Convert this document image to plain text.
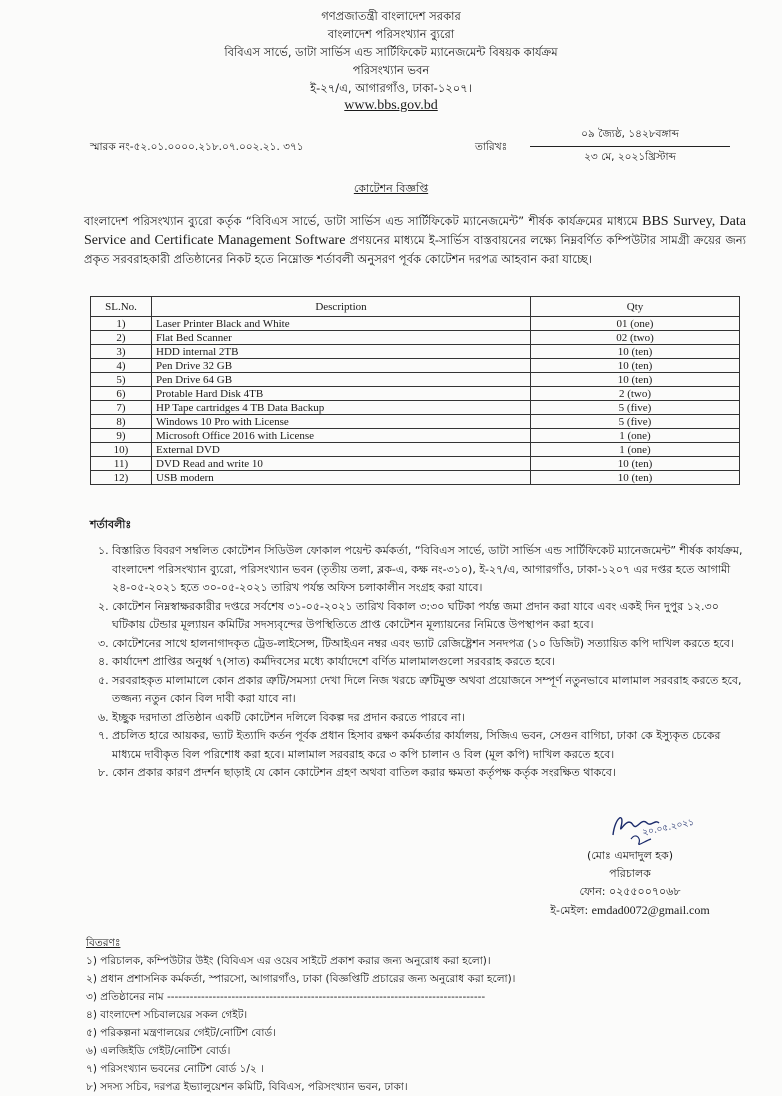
গণপ্রজাতন্ত্রী বাংলাদেশ সরকার
বাংলাদেশ পরিসংখ্যান ব্যুরো
বিবিএস সার্ভে, ডাটা সার্ভিস এন্ড সার্টিফিকেট ম্যানেজমেন্ট বিষয়ক কার্যক্রম
পরিসংখ্যান ভবন
ই-২৭/এ, আগারগাঁও, ঢাকা-১২০৭।
www.bbs.gov.bd
স্মারক নং-৫২.০১.০০০০.২১৮.০৭.০০২.২১. ৩৭১	তারিখঃ
০৯ জ্যৈষ্ঠ, ১৪২৮বঙ্গাব্দ
২৩ মে, ২০২১খ্রিস্টাব্দ
কোটেশন বিজ্ঞপ্তি
বাংলাদেশ পরিসংখ্যান ব্যুরো কর্তৃক “বিবিএস সার্ভে, ডাটা সার্ভিস এন্ড সার্টিফিকেট ম্যানেজমেন্ট” শীর্ষক কার্যক্রমের মাধ্যমে BBS Survey, Data Service and Certificate Management Software প্রণয়নের মাধ্যমে ই-সার্ভিস বাস্তবায়নের লক্ষ্যে নিম্নবর্ণিত কম্পিউটার সামগ্রী ক্রয়ের জন্য প্রকৃত সরবরাহকারী প্রতিষ্ঠানের নিকট হতে নিম্নোক্ত শর্তাবলী অনুসরণ পূর্বক কোটেশন দরপত্র আহবান করা যাচ্ছে।
SL.No.	Description	Qty
1)	Laser Printer Black and White	01 (one)
2)	Flat Bed Scanner	02 (two)
3)	HDD internal 2TB	10 (ten)
4)	Pen Drive 32 GB	10 (ten)
5)	Pen Drive 64 GB	10 (ten)
6)	Protable Hard Disk 4TB	2 (two)
7)	HP Tape cartridges 4 TB Data Backup	5 (five)
8)	Windows 10 Pro with License	5 (five)
9)	Microsoft Office 2016 with License	1 (one)
10)	External DVD	1 (one)
11)	DVD Read and write 10	10 (ten)
12)	USB modern	10 (ten)
শর্তাবলীঃ
১. বিস্তারিত বিবরণ সম্বলিত কোটেশন সিডিউল ফোকাল পয়েন্ট কর্মকর্তা, “বিবিএস সার্ভে, ডাটা সার্ভিস এন্ড সার্টিফিকেট ম্যানেজমেন্ট” শীর্ষক কার্যক্রম, বাংলাদেশ পরিসংখ্যান ব্যুরো, পরিসংখ্যান ভবন (তৃতীয় তলা, ব্লক-এ, কক্ষ নং-৩১০), ই-২৭/এ, আগারগাঁও, ঢাকা-১২০৭ এর দপ্তর হতে আগামী ২৪-০৫-২০২১ হতে ৩০-০৫-২০২১ তারিখ পর্যন্ত অফিস চলাকালীন সংগ্রহ করা যাবে।
২. কোটেশন নিম্নস্বাক্ষরকারীর দপ্তরে সর্বশেষ ৩১-০৫-২০২১ তারিখ বিকাল ৩:৩০ ঘটিকা পর্যন্ত জমা প্রদান করা যাবে এবং একই দিন দুপুর ১২.৩০ ঘটিকায় টেন্ডার মূল্যায়ন কমিটির সদস্যবৃন্দের উপস্থিতিতে প্রাপ্ত কোটেশন মূল্যায়নের নিমিত্তে উপস্থাপন করা হবে।
৩. কোটেশনের সাথে হালনাগাদকৃত ট্রেড-লাইসেন্স, টিআইএন নম্বর এবং ভ্যাট রেজিষ্ট্রেশন সনদপত্র (১০ ডিজিট) সত্যায়িত কপি দাখিল করতে হবে।
৪. কার্যাদেশ প্রাপ্তির অনুর্ধ্ব ৭(সাত) কর্মদিবসের মধ্যে কার্যাদেশে বর্ণিত মালামালগুলো সরবরাহ করতে হবে।
৫. সরবরাহকৃত মালামালে কোন প্রকার ত্রুটি/সমস্যা দেখা দিলে নিজ খরচে ত্রুটিমুক্ত অথবা প্রয়োজনে সম্পূর্ণ নতুনভাবে মালামাল সরবরাহ করতে হবে, তজ্জন্য নতুন কোন বিল দাবী করা যাবে না।
৬. ইচ্ছুক দরদাতা প্রতিষ্ঠান একটি কোটেশন দলিলে বিকল্প দর প্রদান করতে পারবে না।
৭. প্রচলিত হারে আয়কর, ভ্যাট ইত্যাদি কর্তন পূর্বক প্রধান হিসাব রক্ষণ কর্মকর্তার কার্যালয়, সিজিএ ভবন, সেগুন বাগিচা, ঢাকা কে ইস্যুকৃত চেকের মাধ্যমে দাবীকৃত বিল পরিশোধ করা হবে। মালামাল সরবরাহ করে ৩ কপি চালান ও বিল (মূল কপি) দাখিল করতে হবে।
৮. কোন প্রকার কারণ প্রদর্শন ছাড়াই যে কোন কোটেশন গ্রহণ অথবা বাতিল করার ক্ষমতা কর্তৃপক্ষ কর্তৃক সংরক্ষিত থাকবে।
২০.০৫.২০২১
(মোঃ এমদাদুল হক)
পরিচালক
ফোন: ০২৫৫০০৭০৬৮
ই-মেইল: emdad0072@gmail.com
বিতরণঃ
১) পরিচালক, কম্পিউটার উইং (বিবিএস এর ওয়েব সাইটে প্রকাশ করার জন্য অনুরোধ করা হলো)।
২) প্রধান প্রশাসনিক কর্মকর্তা, স্পারসো, আগারগাঁও, ঢাকা (বিজ্ঞপ্তিটি প্রচারের জন্য অনুরোধ করা হলো)।
৩) প্রতিষ্ঠানের নাম ------------------------------------------------------------------------------------
৪) বাংলাদেশ সচিবালয়ের সকল গেইট।
৫) পরিকল্পনা মন্ত্রণালয়ের গেইট/নোটিশ বোর্ড।
৬) এলজিইডি গেইট/নোটিশ বোর্ড।
৭) পরিসংখ্যান ভবনের নোটিশ বোর্ড ১/২ ।
৮) সদস্য সচিব, দরপত্র ইভ্যালুয়েশন কমিটি, বিবিএস, পরিসংখ্যান ভবন, ঢাকা।
